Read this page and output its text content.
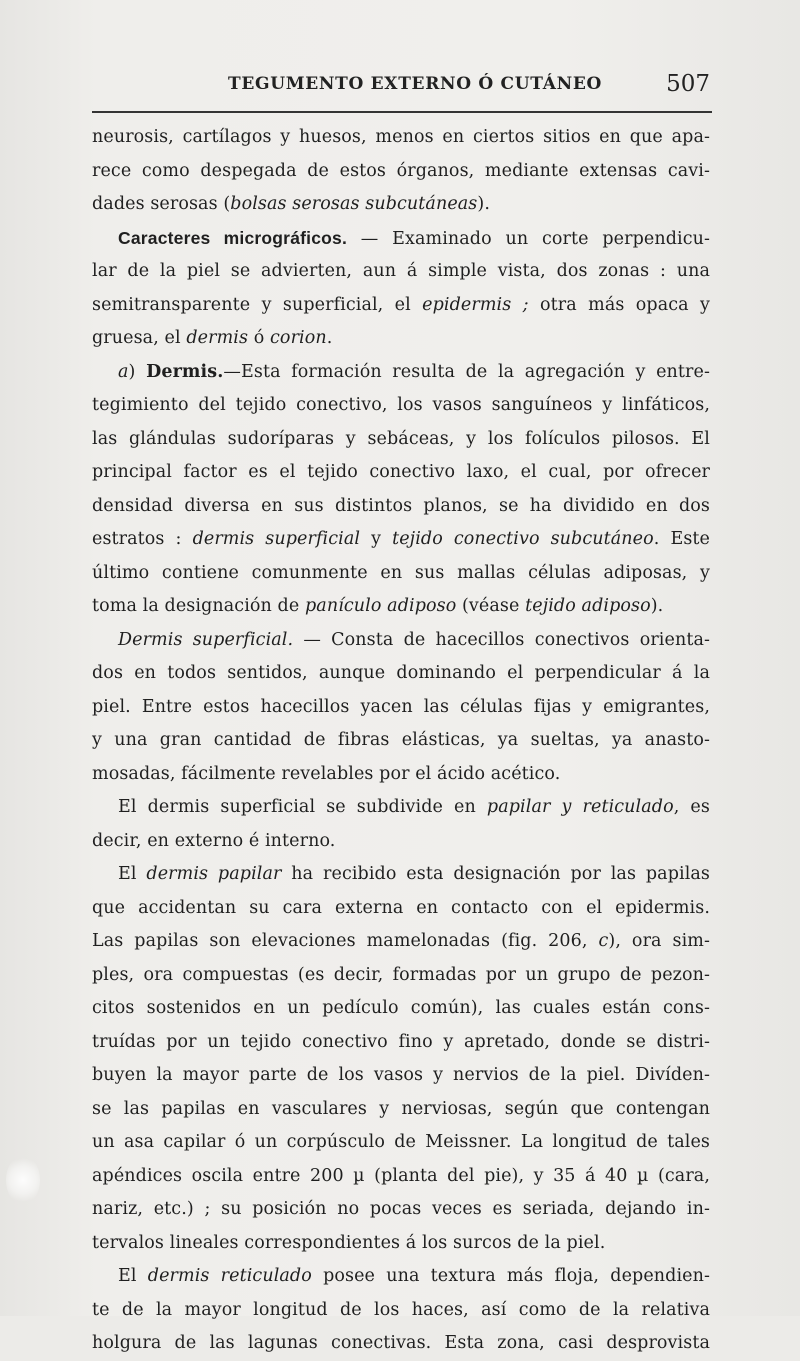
TEGUMENTO EXTERNO Ó CUTÁNEO	507
neurosis, cartílagos y huesos, menos en ciertos sitios en que apa-
rece como despegada de estos órganos, mediante extensas cavi-
dades serosas (bolsas serosas subcutáneas).
Caracteres micrográficos. — Examinado un corte perpendicu-
lar de la piel se advierten, aun á simple vista, dos zonas : una
semitransparente y superficial, el epidermis ; otra más opaca y
gruesa, el dermis ó corion.
a) Dermis.—Esta formación resulta de la agregación y entre-
tegimiento del tejido conectivo, los vasos sanguíneos y linfáticos,
las glándulas sudoríparas y sebáceas, y los folículos pilosos. El
principal factor es el tejido conectivo laxo, el cual, por ofrecer
densidad diversa en sus distintos planos, se ha dividido en dos
estratos : dermis superficial y tejido conectivo subcutáneo. Este
último contiene comunmente en sus mallas células adiposas, y
toma la designación de panículo adiposo (véase tejido adiposo).
Dermis superficial. — Consta de hacecillos conectivos orienta-
dos en todos sentidos, aunque dominando el perpendicular á la
piel. Entre estos hacecillos yacen las células fijas y emigrantes,
y una gran cantidad de fibras elásticas, ya sueltas, ya anasto-
mosadas, fácilmente revelables por el ácido acético.
El dermis superficial se subdivide en papilar y reticulado, es
decir, en externo é interno.
El dermis papilar ha recibido esta designación por las papilas
que accidentan su cara externa en contacto con el epidermis.
Las papilas son elevaciones mamelonadas (fig. 206, c), ora sim-
ples, ora compuestas (es decir, formadas por un grupo de pezon-
citos sostenidos en un pedículo común), las cuales están cons-
truídas por un tejido conectivo fino y apretado, donde se distri-
buyen la mayor parte de los vasos y nervios de la piel. Divíden-
se las papilas en vasculares y nerviosas, según que contengan
un asa capilar ó un corpúsculo de Meissner. La longitud de tales
apéndices oscila entre 200 µ (planta del pie), y 35 á 40 µ (cara,
nariz, etc.) ; su posición no pocas veces es seriada, dejando in-
tervalos lineales correspondientes á los surcos de la piel.
El dermis reticulado posee una textura más floja, dependien-
te de la mayor longitud de los haces, así como de la relativa
holgura de las lagunas conectivas. Esta zona, casi desprovista
